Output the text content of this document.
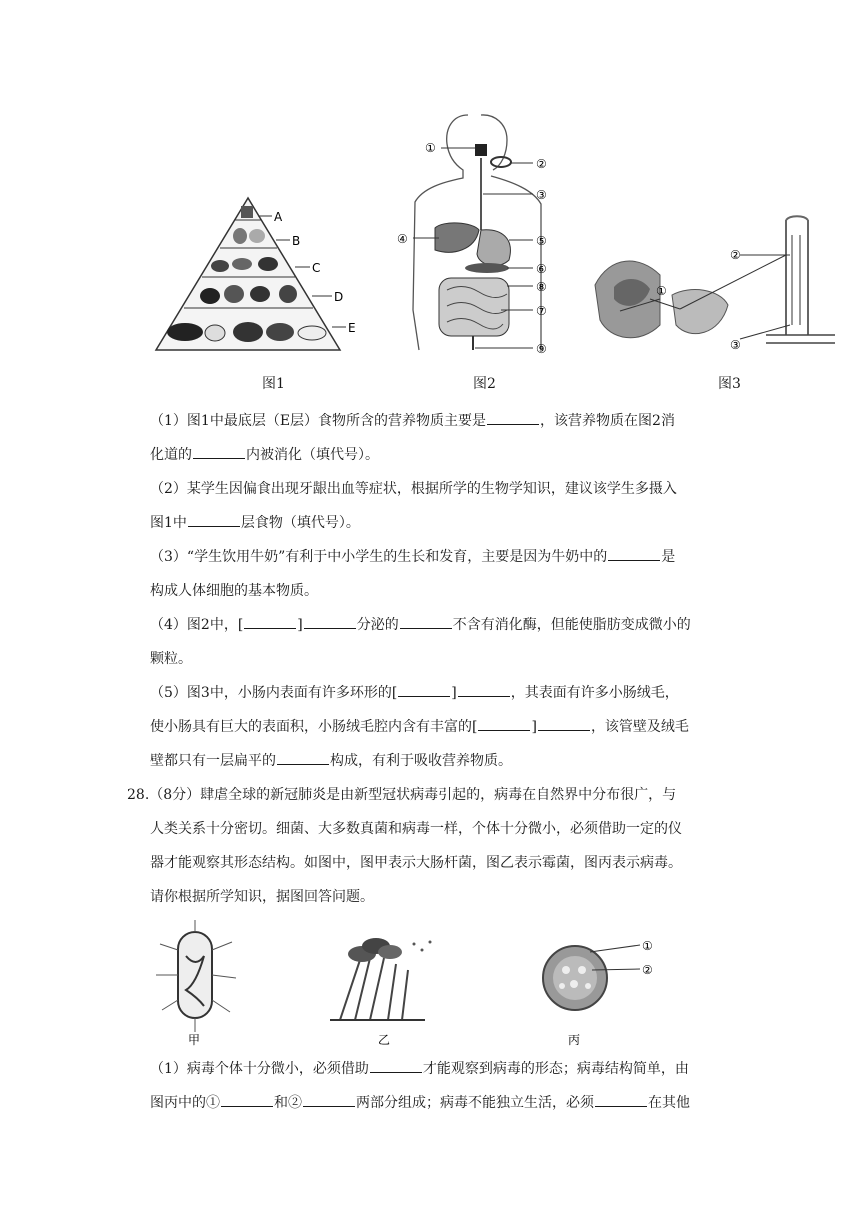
A
B
C
D
E
图1
①
②
③
④	⑤
⑥
⑧
⑦
⑨
图2
①
②
③
图3
（1）图1中最底层（E层）食物所含的营养物质主要是	，该营养物质在图2消
化道的	内被消化（填代号）。
（2）某学生因偏食出现牙龈出血等症状，根据所学的生物学知识，建议该学生多摄入
图1中	层食物（填代号）。
（3）“学生饮用牛奶”有利于中小学生的生长和发育，主要是因为牛奶中的	是
构成人体细胞的基本物质。
（4）图2中，[	]	分泌的	不含有消化酶，但能使脂肪变成微小的
颗粒。
（5）图3中，小肠内表面有许多环形的[	]	，其表面有许多小肠绒毛，
使小肠具有巨大的表面积，小肠绒毛腔内含有丰富的[	]	，该管壁及绒毛
壁都只有一层扁平的	构成，有利于吸收营养物质。
28.（8分）肆虐全球的新冠肺炎是由新型冠状病毒引起的，病毒在自然界中分布很广，与
人类关系十分密切。细菌、大多数真菌和病毒一样，个体十分微小，必须借助一定的仪
器才能观察其形态结构。如图中，图甲表示大肠杆菌，图乙表示霉菌，图丙表示病毒。
请你根据所学知识，据图回答问题。
甲	乙
①
②
丙
（1）病毒个体十分微小，必须借助	才能观察到病毒的形态；病毒结构简单，由
图丙中的①	和②	两部分组成；病毒不能独立生活，必须	在其他
